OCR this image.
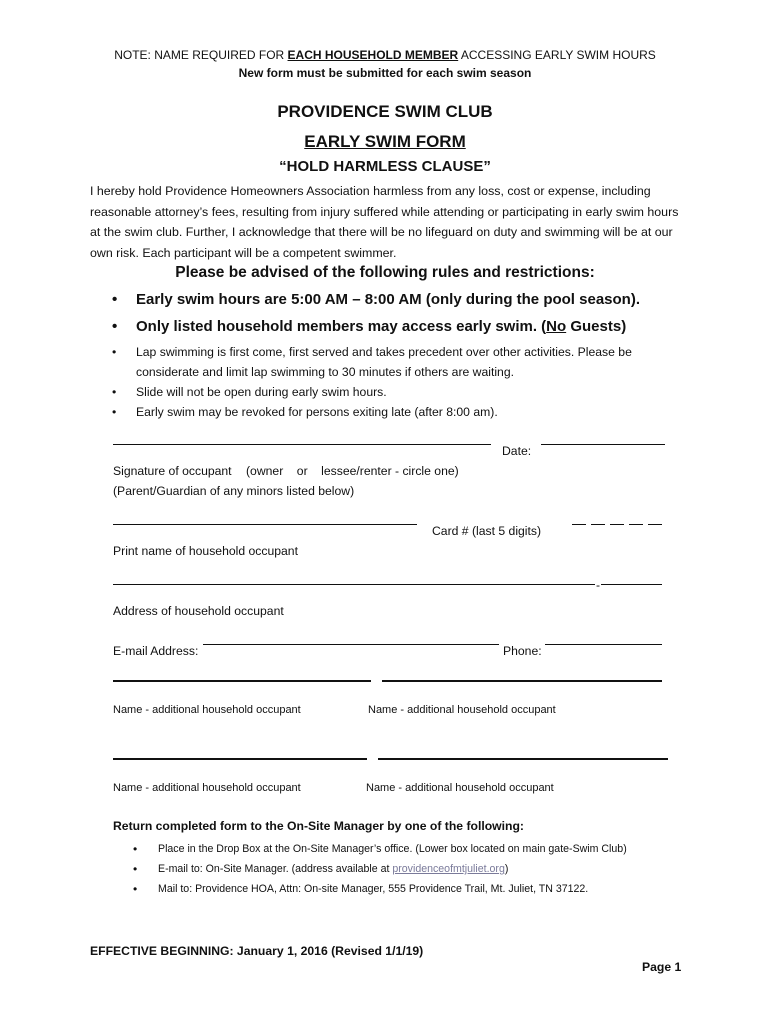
NOTE: NAME REQUIRED FOR EACH HOUSEHOLD MEMBER ACCESSING EARLY SWIM HOURS
New form must be submitted for each swim season
PROVIDENCE SWIM CLUB
EARLY SWIM FORM
“HOLD HARMLESS CLAUSE”
I hereby hold Providence Homeowners Association harmless from any loss, cost or expense, including reasonable attorney’s fees, resulting from injury suffered while attending or participating in early swim hours at the swim club. Further, I acknowledge that there will be no lifeguard on duty and swimming will be at our own risk. Each participant will be a competent swimmer.
Please be advised of the following rules and restrictions:
• Early swim hours are 5:00 AM – 8:00 AM (only during the pool season).
• Only listed household members may access early swim. (No Guests)
• Lap swimming is first come, first served and takes precedent over other activities. Please be considerate and limit lap swimming to 30 minutes if others are waiting.
• Slide will not be open during early swim hours.
• Early swim may be revoked for persons exiting late (after 8:00 am).
Date:
Signature of occupant (owner    or    lessee/renter - circle one)
(Parent/Guardian of any minors listed below)
Card # (last 5 digits)
Print name of household occupant
-
Address of household occupant
E-mail Address:	Phone:
Name - additional household occupant	Name - additional household occupant
Name - additional household occupant	Name - additional household occupant
Return completed form to the On-Site Manager by one of the following:
• Place in the Drop Box at the On-Site Manager’s office. (Lower box located on main gate-Swim Club)
• E-mail to: On-Site Manager. (address available at providenceofmtjuliet.org)
• Mail to: Providence HOA, Attn: On-site Manager, 555 Providence Trail, Mt. Juliet, TN 37122.
EFFECTIVE BEGINNING: January 1, 2016 (Revised 1/1/19)
Page 1
